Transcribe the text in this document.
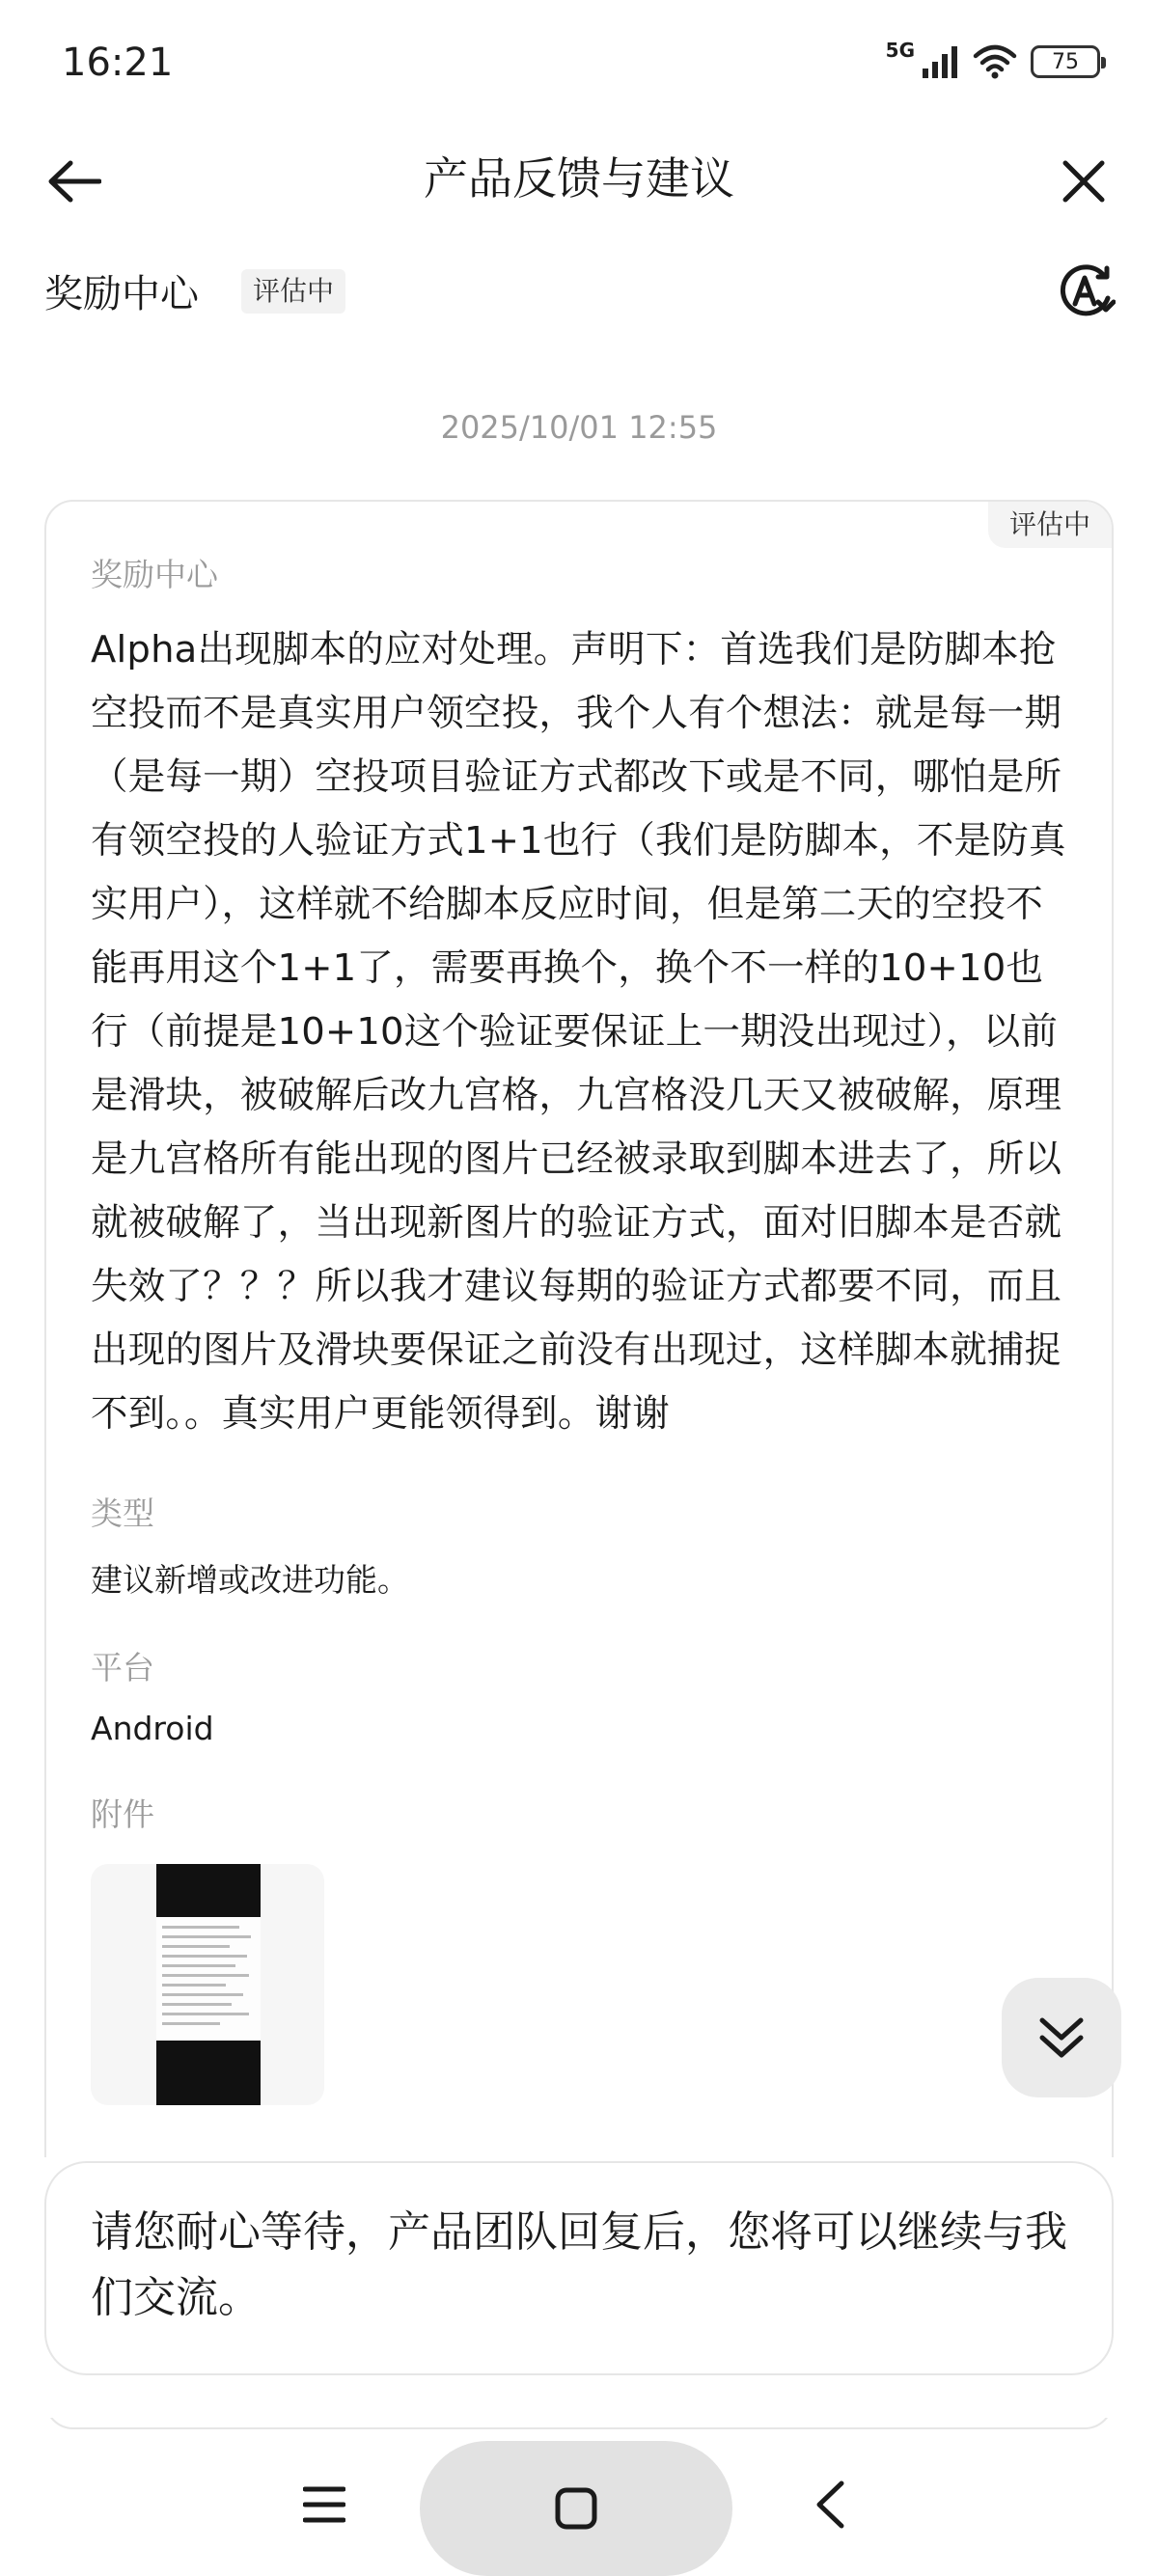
16:21	5G	75
产品反馈与建议
奖励中心	评估中
2025/10/01 12:55
评估中
奖励中心
Alpha出现脚本的应对处理。声明下：首选我们是防脚本抢空投而不是真实用户领空投，我个人有个想法：就是每一期（是每一期）空投项目验证方式都改下或是不同，哪怕是所有领空投的人验证方式1+1也行（我们是防脚本，不是防真实用户），这样就不给脚本反应时间，但是第二天的空投不能再用这个1+1了，需要再换个，换个不一样的10+10也行（前提是10+10这个验证要保证上一期没出现过），以前是滑块，被破解后改九宫格，九宫格没几天又被破解，原理是九宫格所有能出现的图片已经被录取到脚本进去了，所以就被破解了，当出现新图片的验证方式，面对旧脚本是否就失效了？？？所以我才建议每期的验证方式都要不同，而且出现的图片及滑块要保证之前没有出现过，这样脚本就捕捉不到。。真实用户更能领得到。谢谢
类型
建议新增或改进功能。
平台
Android
附件
请您耐心等待，产品团队回复后，您将可以继续与我们交流。
